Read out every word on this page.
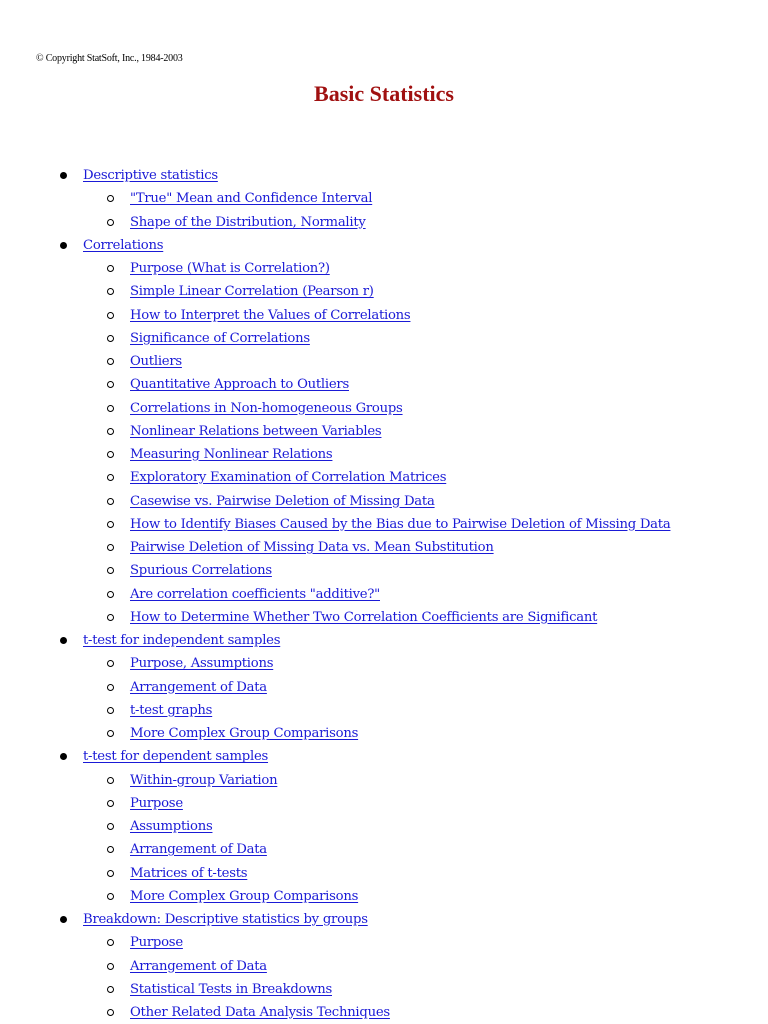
© Copyright StatSoft, Inc., 1984-2003
Basic Statistics
Descriptive statistics
"True" Mean and Confidence Interval
Shape of the Distribution, Normality
Correlations
Purpose (What is Correlation?)
Simple Linear Correlation (Pearson r)
How to Interpret the Values of Correlations
Significance of Correlations
Outliers
Quantitative Approach to Outliers
Correlations in Non-homogeneous Groups
Nonlinear Relations between Variables
Measuring Nonlinear Relations
Exploratory Examination of Correlation Matrices
Casewise vs. Pairwise Deletion of Missing Data
How to Identify Biases Caused by the Bias due to Pairwise Deletion of Missing Data
Pairwise Deletion of Missing Data vs. Mean Substitution
Spurious Correlations
Are correlation coefficients "additive?"
How to Determine Whether Two Correlation Coefficients are Significant
t-test for independent samples
Purpose, Assumptions
Arrangement of Data
t-test graphs
More Complex Group Comparisons
t-test for dependent samples
Within-group Variation
Purpose
Assumptions
Arrangement of Data
Matrices of t-tests
More Complex Group Comparisons
Breakdown: Descriptive statistics by groups
Purpose
Arrangement of Data
Statistical Tests in Breakdowns
Other Related Data Analysis Techniques
